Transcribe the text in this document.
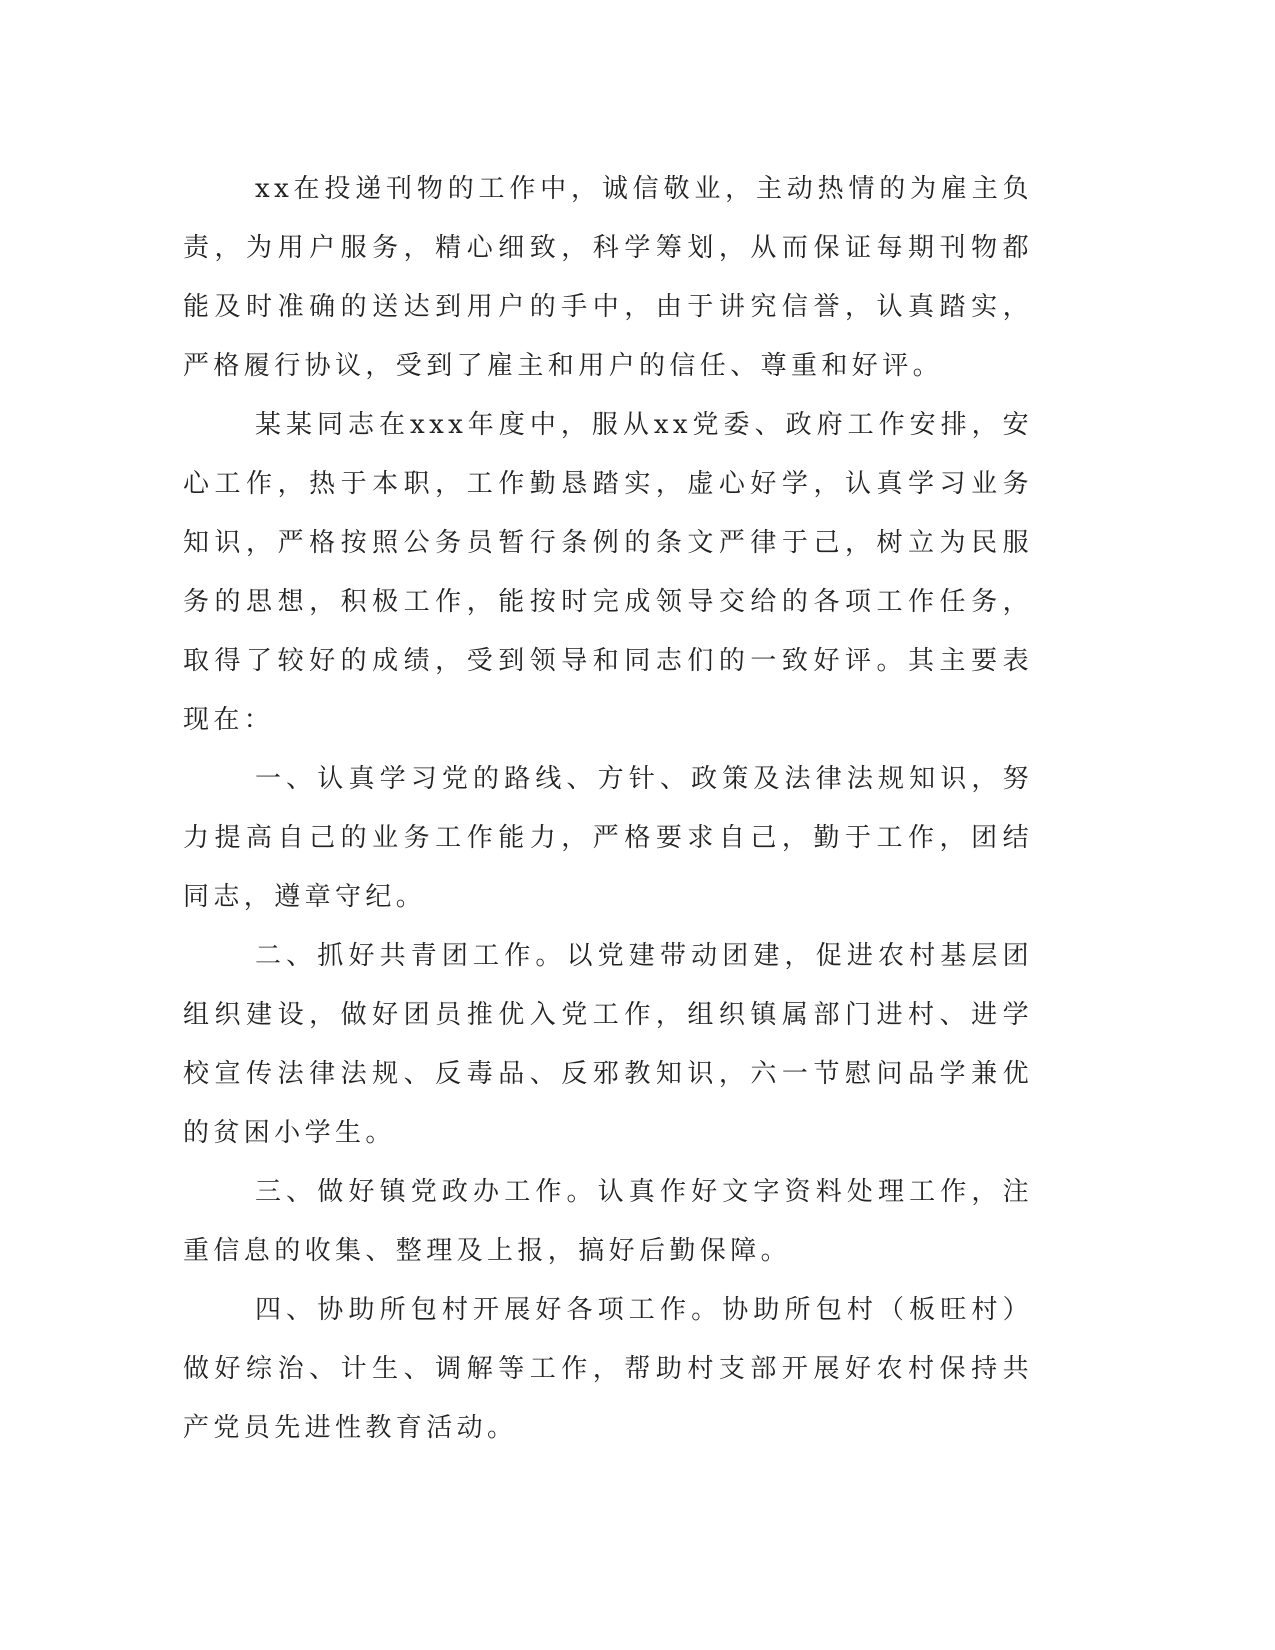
xx在投递刊物的工作中，诚信敬业，主动热情的为雇主负责，为用户服务，精心细致，科学筹划，从而保证每期刊物都能及时准确的送达到用户的手中，由于讲究信誉，认真踏实，严格履行协议，受到了雇主和用户的信任、尊重和好评。

某某同志在xxx年度中，服从xx党委、政府工作安排，安心工作，热于本职，工作勤恳踏实，虚心好学，认真学习业务知识，严格按照公务员暂行条例的条文严律于己，树立为民服务的思想，积极工作，能按时完成领导交给的各项工作任务，取得了较好的成绩，受到领导和同志们的一致好评。其主要表现在：

一、认真学习党的路线、方针、政策及法律法规知识，努力提高自己的业务工作能力，严格要求自己，勤于工作，团结同志，遵章守纪。

二、抓好共青团工作。以党建带动团建，促进农村基层团组织建设，做好团员推优入党工作，组织镇属部门进村、进学校宣传法律法规、反毒品、反邪教知识，六一节慰问品学兼优的贫困小学生。

三、做好镇党政办工作。认真作好文字资料处理工作，注重信息的收集、整理及上报，搞好后勤保障。

四、协助所包村开展好各项工作。协助所包村（板旺村）做好综治、计生、调解等工作，帮助村支部开展好农村保持共产党员先进性教育活动。
